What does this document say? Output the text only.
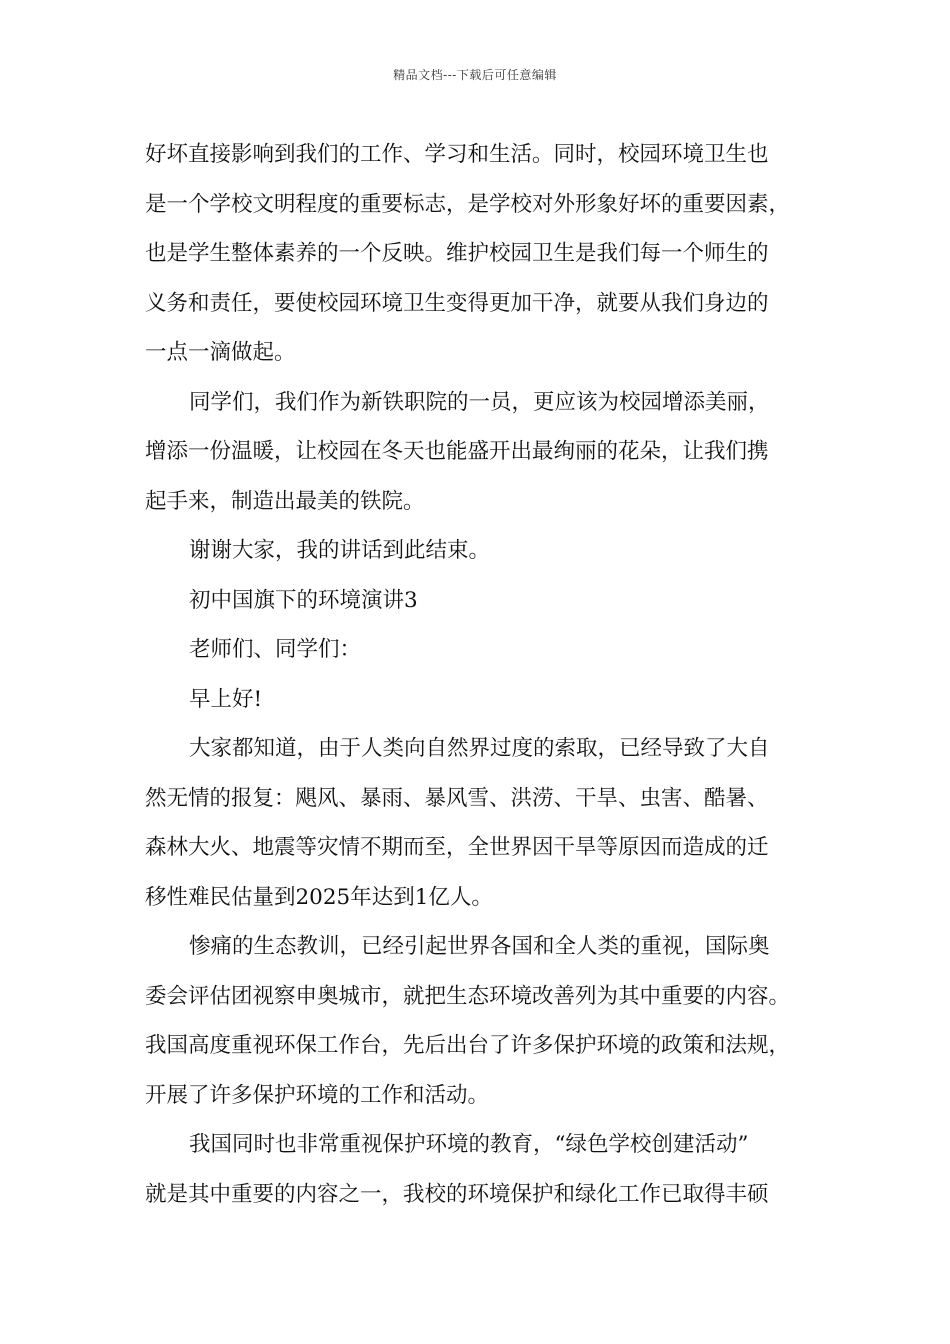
精品文档---下载后可任意编辑
好坏直接影响到我们的工作、学习和生活。同时，校园环境卫生也
是一个学校文明程度的重要标志，是学校对外形象好坏的重要因素，
也是学生整体素养的一个反映。维护校园卫生是我们每一个师生的
义务和责任，要使校园环境卫生变得更加干净，就要从我们身边的
一点一滴做起。
同学们，我们作为新铁职院的一员，更应该为校园增添美丽，
增添一份温暖，让校园在冬天也能盛开出最绚丽的花朵，让我们携
起手来，制造出最美的铁院。
谢谢大家，我的讲话到此结束。
初中国旗下的环境演讲3
老师们、同学们：
早上好!
大家都知道，由于人类向自然界过度的索取，已经导致了大自
然无情的报复：飓风、暴雨、暴风雪、洪涝、干旱、虫害、酷暑、
森林大火、地震等灾情不期而至，全世界因干旱等原因而造成的迁
移性难民估量到2025年达到1亿人。
惨痛的生态教训，已经引起世界各国和全人类的重视，国际奥
委会评估团视察申奥城市，就把生态环境改善列为其中重要的内容。
我国高度重视环保工作台，先后出台了许多保护环境的政策和法规，
开展了许多保护环境的工作和活动。
我国同时也非常重视保护环境的教育，“绿色学校创建活动”
就是其中重要的内容之一，我校的环境保护和绿化工作已取得丰硕
